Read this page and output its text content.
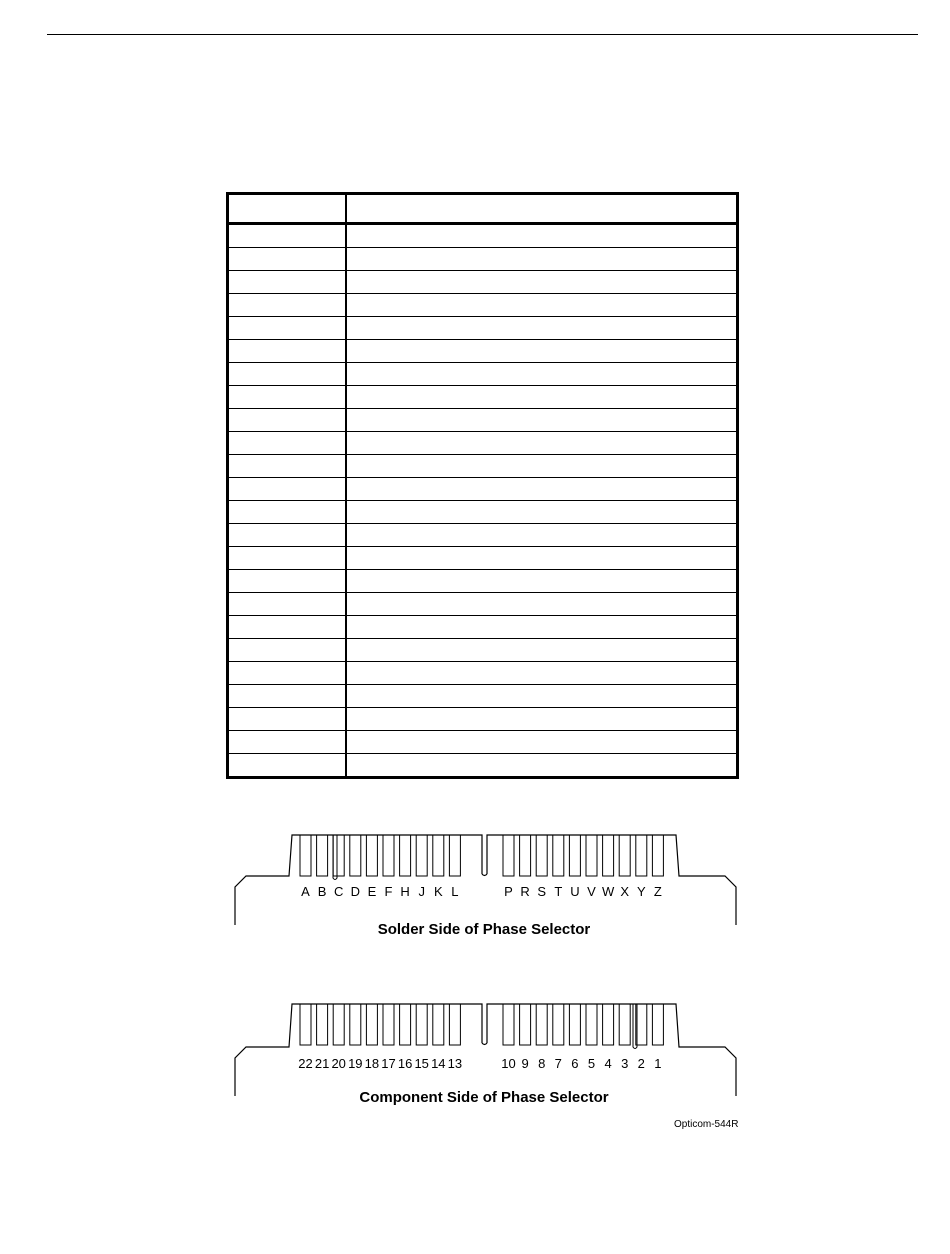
A B C D E F H J K L	P R S T U V W X Y Z
Solder Side of Phase Selector
22 21 20 19 18 17 16 15 14 13	10 9 8 7 6 5 4 3 2 1
Component Side of Phase Selector
Opticom-544R
